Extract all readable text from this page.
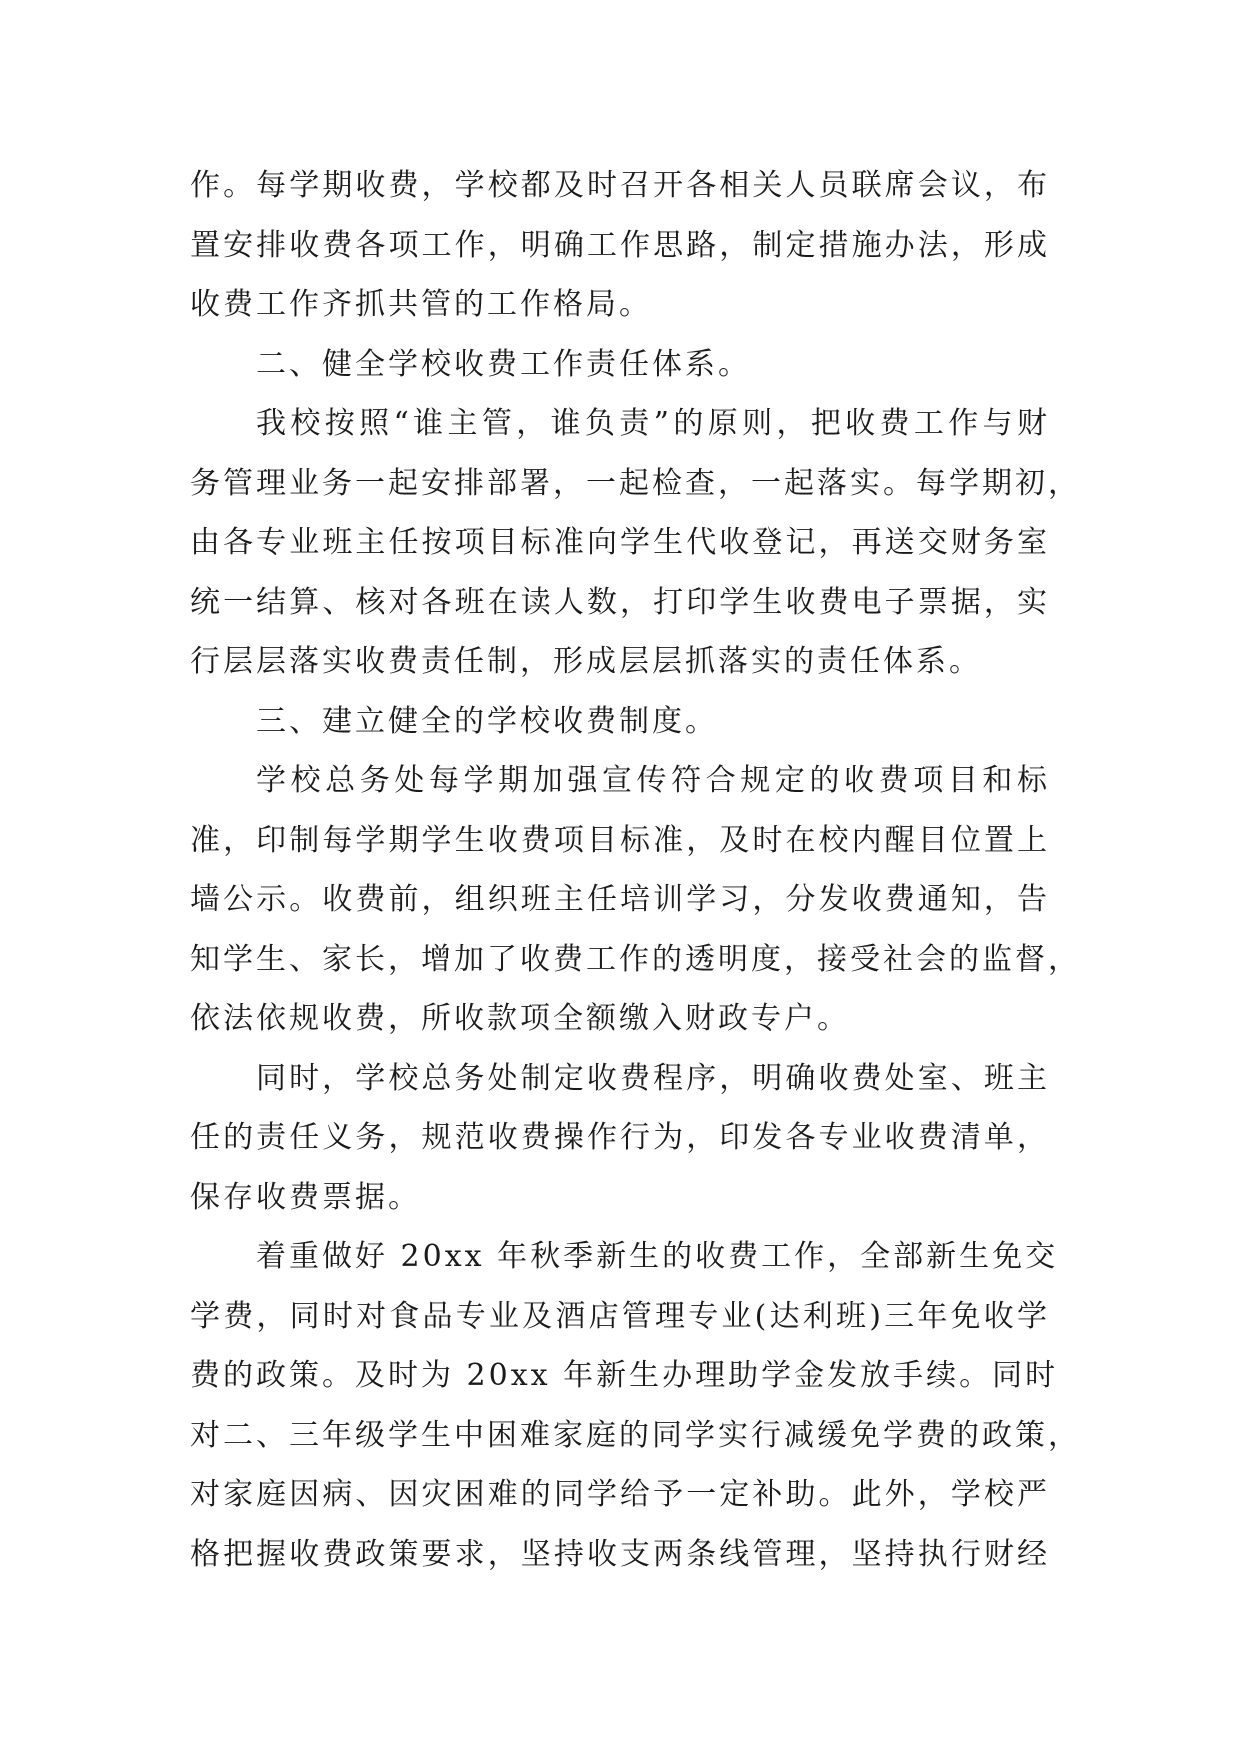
作。每学期收费，学校都及时召开各相关人员联席会议，布
置安排收费各项工作，明确工作思路，制定措施办法，形成
收费工作齐抓共管的工作格局。
二、健全学校收费工作责任体系。
我校按照“谁主管，谁负责”的原则，把收费工作与财
务管理业务一起安排部署，一起检查，一起落实。每学期初，
由各专业班主任按项目标准向学生代收登记，再送交财务室
统一结算、核对各班在读人数，打印学生收费电子票据，实
行层层落实收费责任制，形成层层抓落实的责任体系。
三、建立健全的学校收费制度。
学校总务处每学期加强宣传符合规定的收费项目和标
准，印制每学期学生收费项目标准，及时在校内醒目位置上
墙公示。收费前，组织班主任培训学习，分发收费通知，告
知学生、家长，增加了收费工作的透明度，接受社会的监督，
依法依规收费，所收款项全额缴入财政专户。
同时，学校总务处制定收费程序，明确收费处室、班主
任的责任义务，规范收费操作行为，印发各专业收费清单，
保存收费票据。
着重做好 20xx 年秋季新生的收费工作，全部新生免交
学费，同时对食品专业及酒店管理专业(达利班)三年免收学
费的政策。及时为 20xx 年新生办理助学金发放手续。同时
对二、三年级学生中困难家庭的同学实行减缓免学费的政策，
对家庭因病、因灾困难的同学给予一定补助。此外，学校严
格把握收费政策要求，坚持收支两条线管理，坚持执行财经
